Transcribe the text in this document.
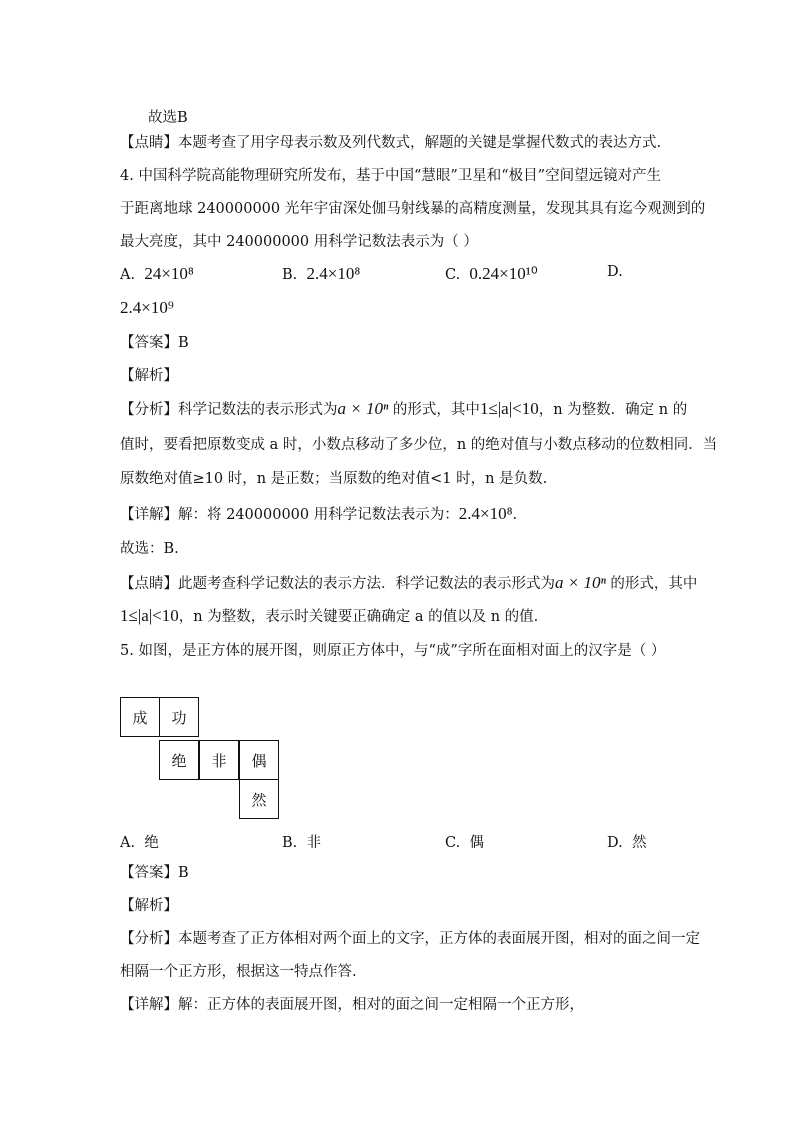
故选B
【点睛】本题考查了用字母表示数及列代数式，解题的关键是掌握代数式的表达方式.
4. 中国科学院高能物理研究所发布，基于中国“慧眼”卫星和“极目”空间望远镜对产生
于距离地球 240000000 光年宇宙深处伽马射线暴的高精度测量，发现其具有迄今观测到的
最大亮度，其中 240000000 用科学记数法表示为（ ）
A. 24×10⁸	B. 2.4×10⁸	C. 0.24×10¹⁰	D.
2.4×10⁹
【答案】B
【解析】
【分析】科学记数法的表示形式为a × 10ⁿ 的形式，其中1≤|a|<10，n 为整数．确定 n 的
值时，要看把原数变成 a 时，小数点移动了多少位，n 的绝对值与小数点移动的位数相同．当
原数绝对值≥10 时，n 是正数；当原数的绝对值<1 时，n 是负数.
【详解】解：将 240000000 用科学记数法表示为：2.4×10⁸.
故选：B.
【点睛】此题考查科学记数法的表示方法．科学记数法的表示形式为a × 10ⁿ 的形式，其中
1≤|a|<10，n 为整数，表示时关键要正确确定 a 的值以及 n 的值.
5. 如图，是正方体的展开图，则原正方体中，与“成”字所在面相对面上的汉字是（ ）
成	功
绝	非	偶
然
A. 绝	B. 非	C. 偶	D. 然
【答案】B
【解析】
【分析】本题考查了正方体相对两个面上的文字，正方体的表面展开图，相对的面之间一定
相隔一个正方形，根据这一特点作答.
【详解】解：正方体的表面展开图，相对的面之间一定相隔一个正方形，
